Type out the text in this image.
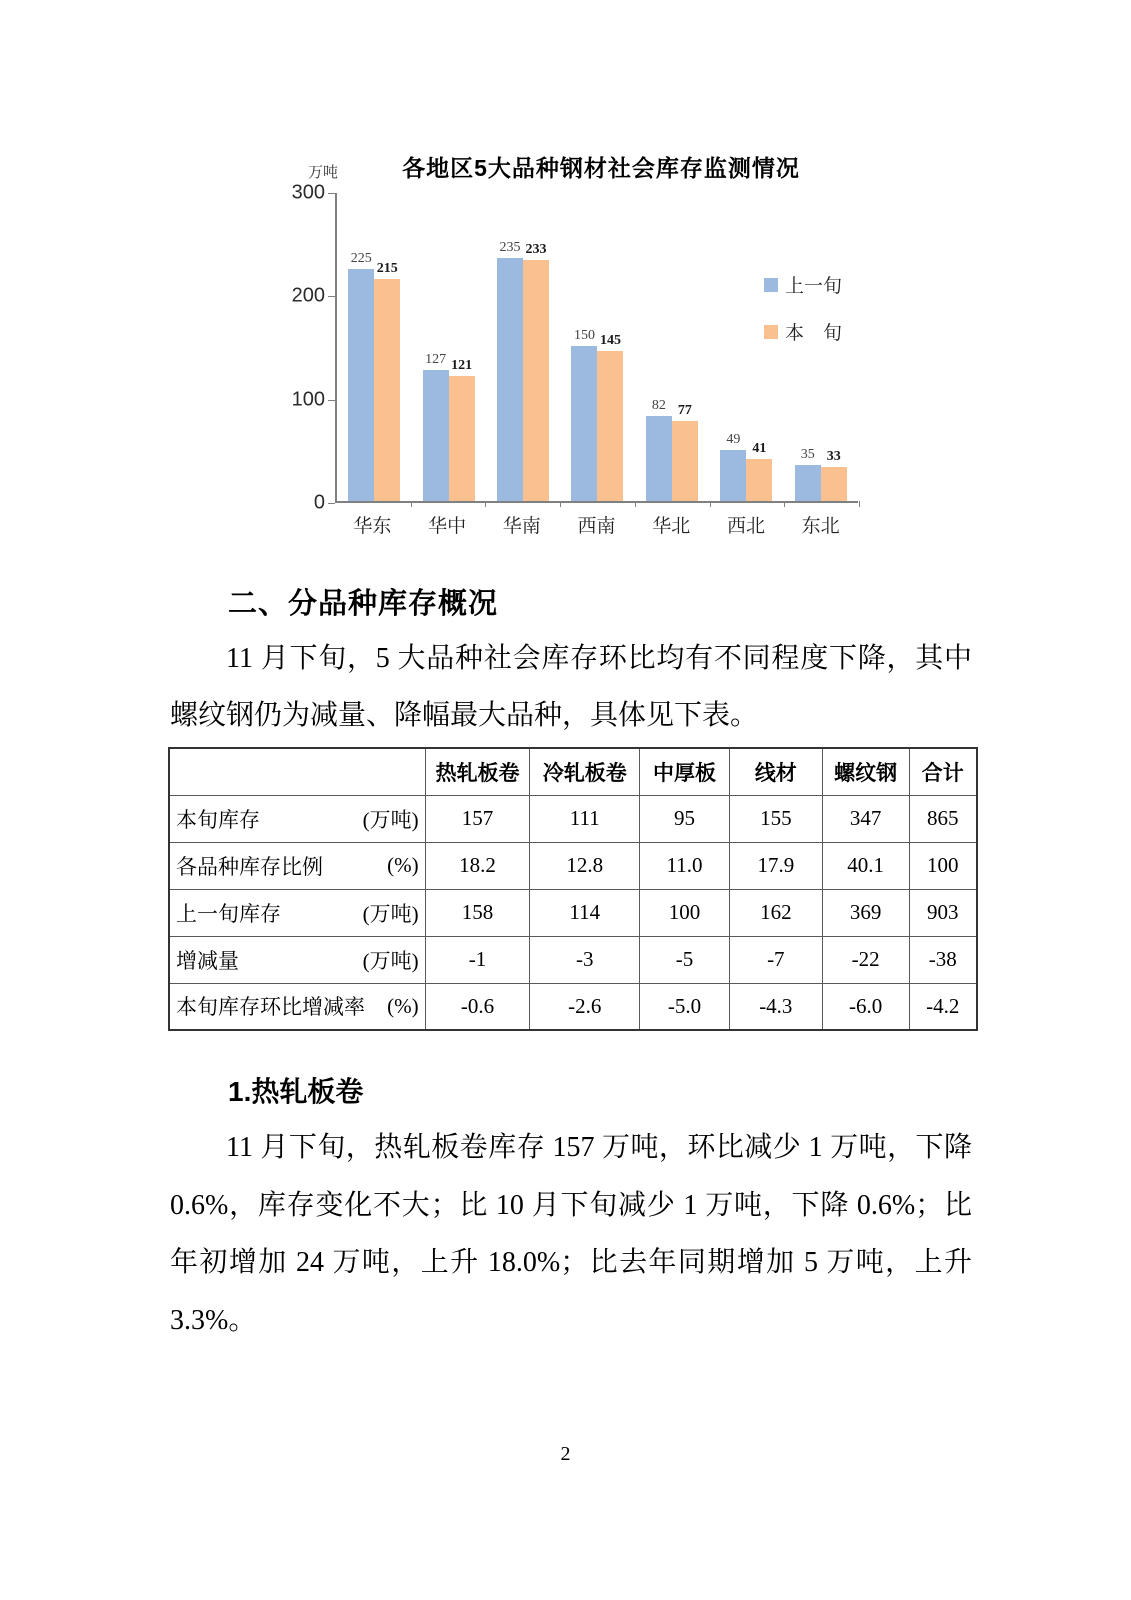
万吨	各地区5大品种钢材社会库存监测情况
225
215
127 121
235 233
150 145
82 77
49
41 35 33
上一旬
本　旬
300
200
100
0
华东	华中	华南	西南	华北	西北	东北
二、分品种库存概况
11 月下旬，5 大品种社会库存环比均有不同程度下降，其中螺纹钢仍为减量、降幅最大品种，具体见下表。
	热轧板卷	冷轧板卷	中厚板	线材	螺纹钢	合计

本旬库存 (万吨)	157	111	95	155	347	865

各品种库存比例 (%)	18.2	12.8	11.0	17.9	40.1	100

上一旬库存 (万吨)	158	114	100	162	369	903

增减量 (万吨)	-1	-3	-5	-7	-22	-38

本旬库存环比增减率 (%)	-0.6	-2.6	-5.0	-4.3	-6.0	-4.2
1.热轧板卷
11 月下旬，热轧板卷库存 157 万吨，环比减少 1 万吨，下降 0.6%，库存变化不大；比 10 月下旬减少 1 万吨，下降 0.6%；比年初增加 24 万吨，上升 18.0%；比去年同期增加 5 万吨，上升 3.3%。
2
